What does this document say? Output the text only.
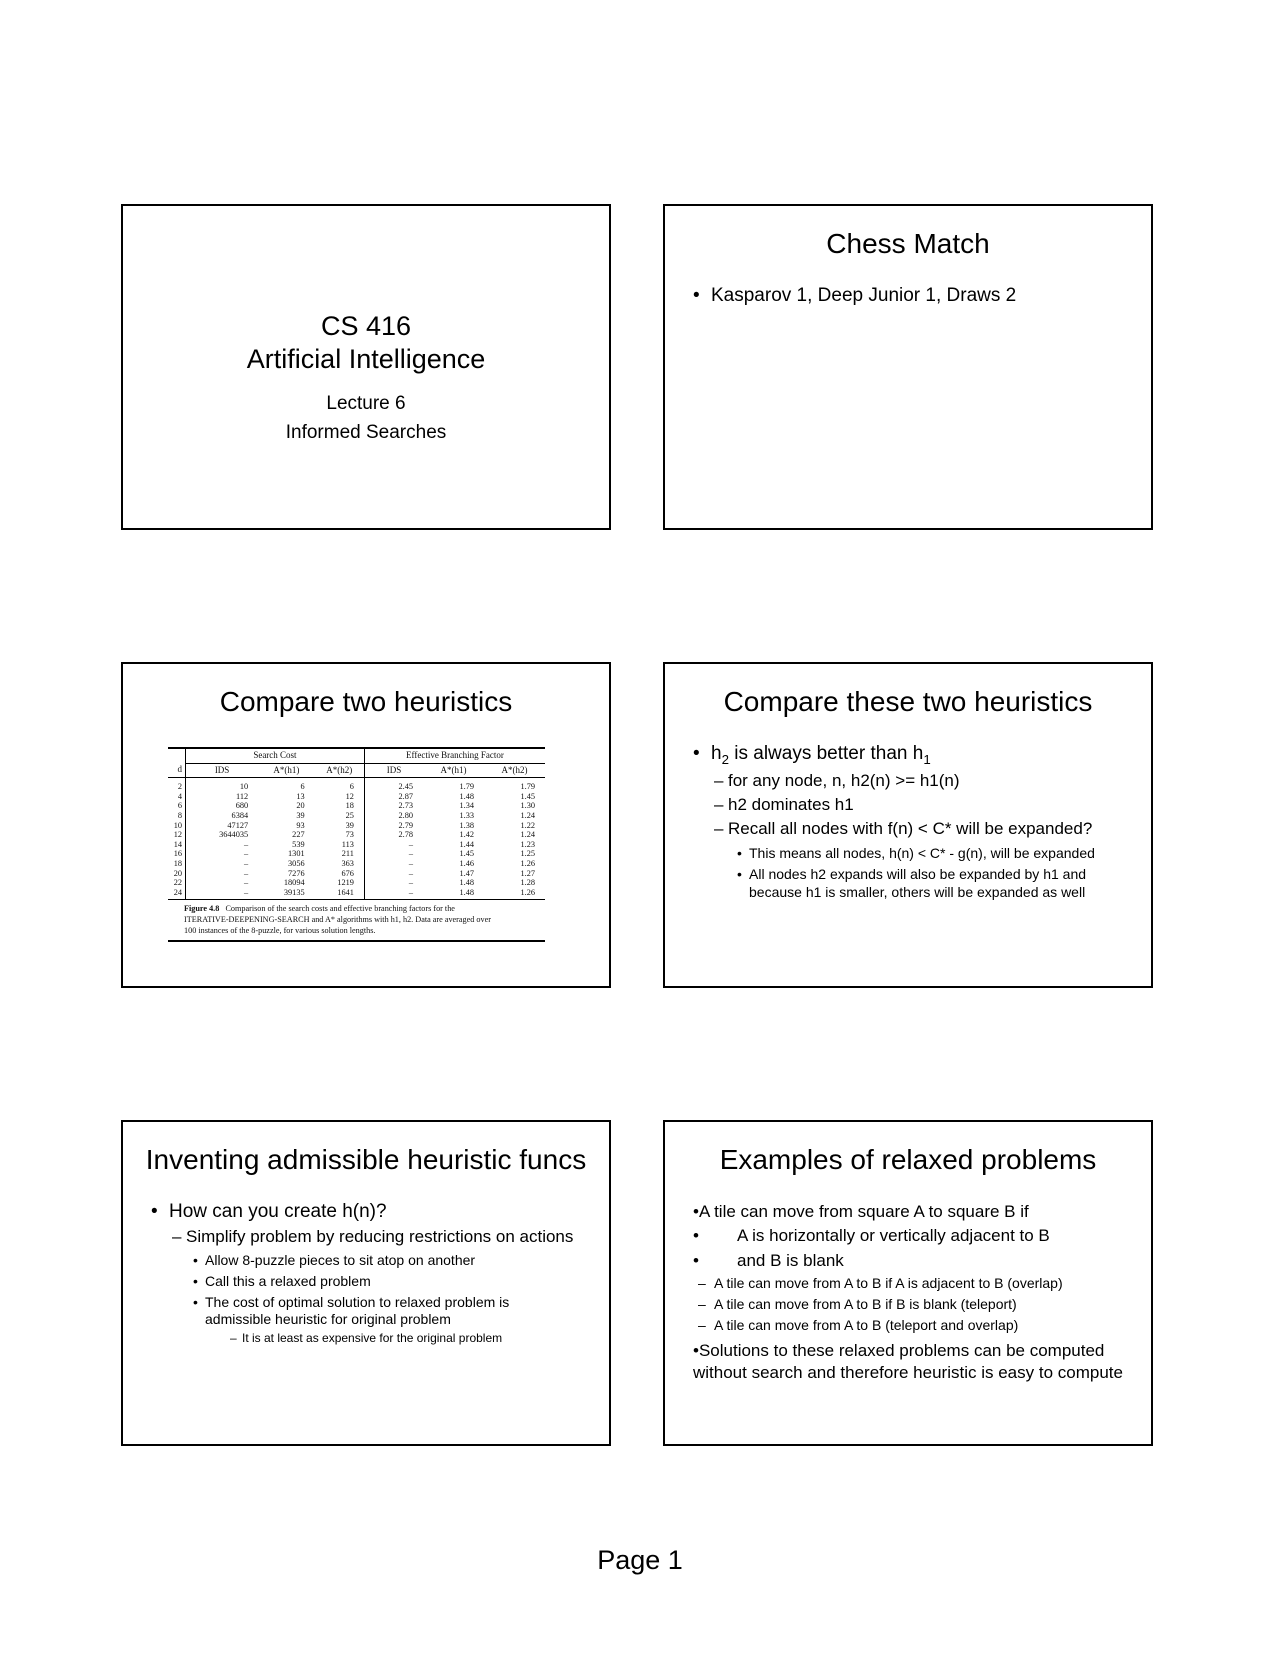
CS 416
Artificial Intelligence
Lecture 6
Informed Searches
Chess Match
• Kasparov 1, Deep Junior 1, Draws 2
Compare two heuristics
	Search Cost			Effective Branching Factor		
d	IDS	A*(h1)	A*(h2)	IDS	A*(h1)	A*(h2)
2	10	6	6	2.45	1.79	1.79
4	112	13	12	2.87	1.48	1.45
6	680	20	18	2.73	1.34	1.30
8	6384	39	25	2.80	1.33	1.24
10	47127	93	39	2.79	1.38	1.22
12	3644035	227	73	2.78	1.42	1.24
14	–	539	113	–	1.44	1.23
16	–	1301	211	–	1.45	1.25
18	–	3056	363	–	1.46	1.26
20	–	7276	676	–	1.47	1.27
22	–	18094	1219	–	1.48	1.28
24	–	39135	1641	–	1.48	1.26
Figure 4.8 Comparison of the search costs and effective branching factors for the
ITERATIVE-DEEPENING-SEARCH and A* algorithms with h1, h2. Data are averaged over
100 instances of the 8-puzzle, for various solution lengths.
Compare these two heuristics
• $h_2$ is always better than $h_1$
– for any node, n, h2(n) >= h1(n)
– h2 dominates h1
– Recall all nodes with f(n) < C* will be expanded?
• This means all nodes, h(n) < C* - g(n), will be expanded
• All nodes h2 expands will also be expanded by h1 and because h1 is smaller, others will be expanded as well
Inventing admissible heuristic funcs
• How can you create h(n)?
– Simplify problem by reducing restrictions on actions
• Allow 8-puzzle pieces to sit atop on another
• Call this a relaxed problem
• The cost of optimal solution to relaxed problem is
admissible heuristic for original problem
– It is at least as expensive for the original problem
Examples of relaxed problems
•A tile can move from square A to square B if
• A is horizontally or vertically adjacent to B
• and B is blank
– A tile can move from A to B if A is adjacent to B (overlap)
– A tile can move from A to B if B is blank (teleport)
– A tile can move from A to B (teleport and overlap)
•Solutions to these relaxed problems can be computed
without search and therefore heuristic is easy to compute
Page 1
